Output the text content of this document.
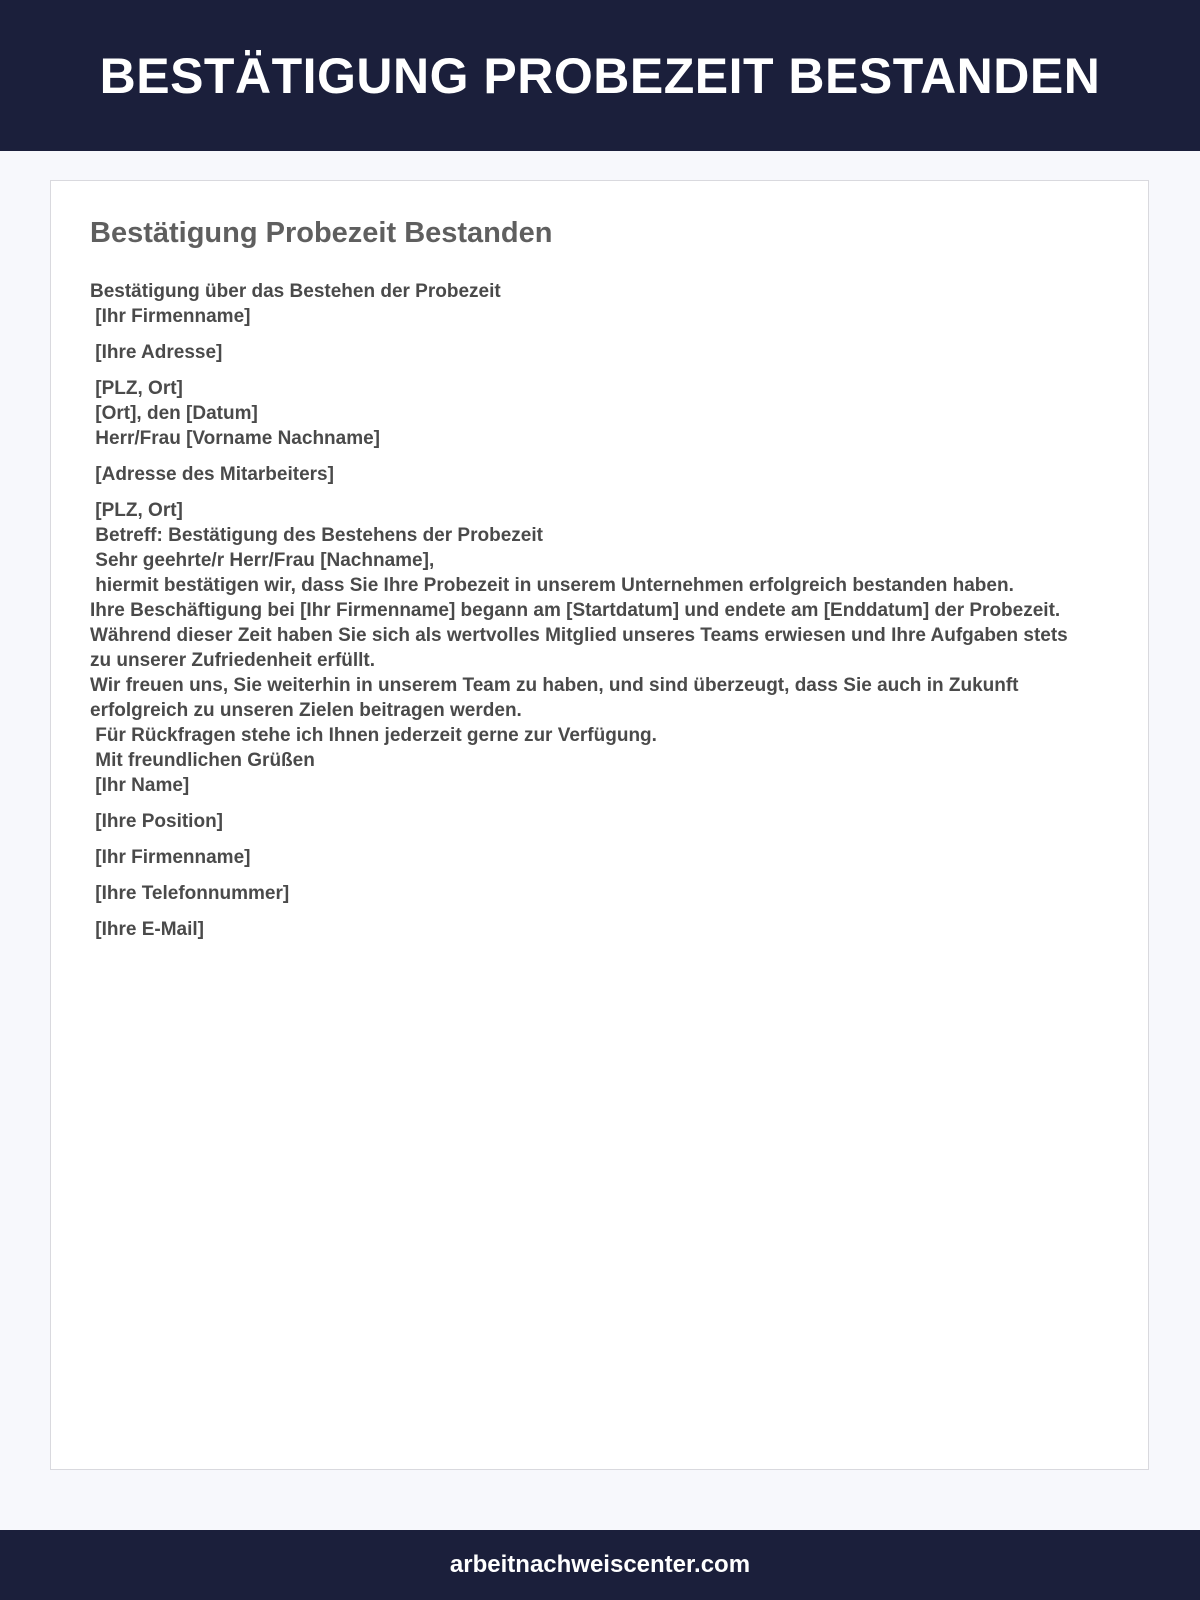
BESTÄTIGUNG PROBEZEIT BESTANDEN
Bestätigung Probezeit Bestanden
Bestätigung über das Bestehen der Probezeit
[Ihr Firmenname]
[Ihre Adresse]
[PLZ, Ort]
[Ort], den [Datum]
Herr/Frau [Vorname Nachname]
[Adresse des Mitarbeiters]
[PLZ, Ort]
Betreff: Bestätigung des Bestehens der Probezeit
Sehr geehrte/r Herr/Frau [Nachname],
hiermit bestätigen wir, dass Sie Ihre Probezeit in unserem Unternehmen erfolgreich bestanden haben.
Ihre Beschäftigung bei [Ihr Firmenname] begann am [Startdatum] und endete am [Enddatum] der Probezeit. Während dieser Zeit haben Sie sich als wertvolles Mitglied unseres Teams erwiesen und Ihre Aufgaben stets zu unserer Zufriedenheit erfüllt.
Wir freuen uns, Sie weiterhin in unserem Team zu haben, und sind überzeugt, dass Sie auch in Zukunft erfolgreich zu unseren Zielen beitragen werden.
Für Rückfragen stehe ich Ihnen jederzeit gerne zur Verfügung.
Mit freundlichen Grüßen
[Ihr Name]
[Ihre Position]
[Ihr Firmenname]
[Ihre Telefonnummer]
[Ihre E-Mail]
arbeitnachweiscenter.com
